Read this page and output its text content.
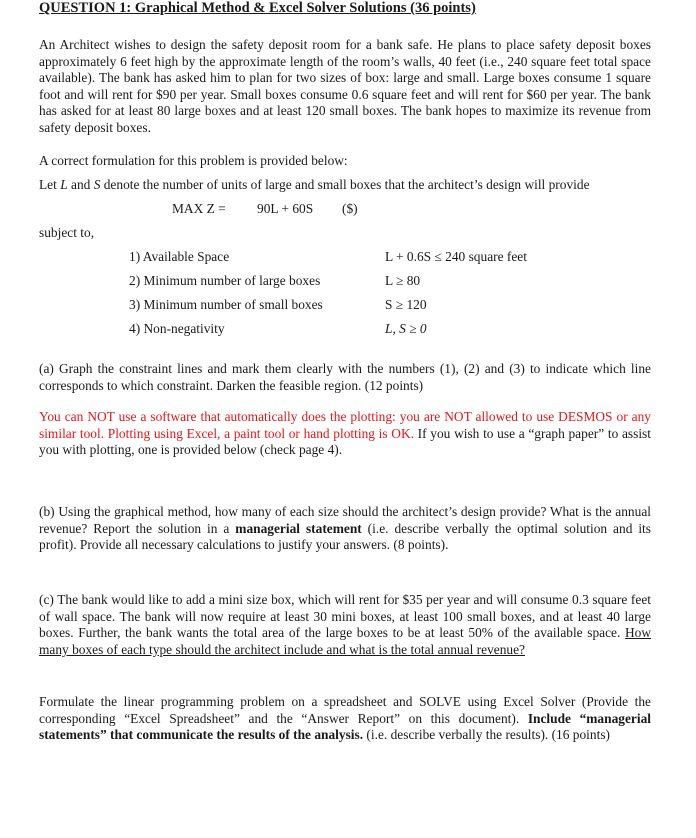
QUESTION 1: Graphical Method & Excel Solver Solutions (36 points)

An Architect wishes to design the safety deposit room for a bank safe. He plans to place safety deposit boxes approximately 6 feet high by the approximate length of the room’s walls, 40 feet (i.e., 240 square feet total space available). The bank has asked him to plan for two sizes of box: large and small. Large boxes consume 1 square foot and will rent for $90 per year. Small boxes consume 0.6 square feet and will rent for $60 per year. The bank has asked for at least 80 large boxes and at least 120 small boxes. The bank hopes to maximize its revenue from safety deposit boxes.

A correct formulation for this problem is provided below:

Let L and S denote the number of units of large and small boxes that the architect’s design will provide

MAX Z = 90L + 60S ($)

subject to,

1) Available Space	L + 0.6S ≤ 240 square feet
2) Minimum number of large boxes	L ≥ 80
3) Minimum number of small boxes	S ≥ 120
4) Non-negativity	L, S ≥ 0

(a) Graph the constraint lines and mark them clearly with the numbers (1), (2) and (3) to indicate which line corresponds to which constraint. Darken the feasible region. (12 points)

You can NOT use a software that automatically does the plotting: you are NOT allowed to use DESMOS or any similar tool. Plotting using Excel, a paint tool or hand plotting is OK. If you wish to use a “graph paper” to assist you with plotting, one is provided below (check page 4).

(b) Using the graphical method, how many of each size should the architect’s design provide? What is the annual revenue? Report the solution in a managerial statement (i.e. describe verbally the optimal solution and its profit). Provide all necessary calculations to justify your answers. (8 points).

(c) The bank would like to add a mini size box, which will rent for $35 per year and will consume 0.3 square feet of wall space. The bank will now require at least 30 mini boxes, at least 100 small boxes, and at least 40 large boxes. Further, the bank wants the total area of the large boxes to be at least 50% of the available space. How many boxes of each type should the architect include and what is the total annual revenue?

Formulate the linear programming problem on a spreadsheet and SOLVE using Excel Solver (Provide the corresponding “Excel Spreadsheet” and the “Answer Report” on this document). Include “managerial statements” that communicate the results of the analysis. (i.e. describe verbally the results). (16 points)
